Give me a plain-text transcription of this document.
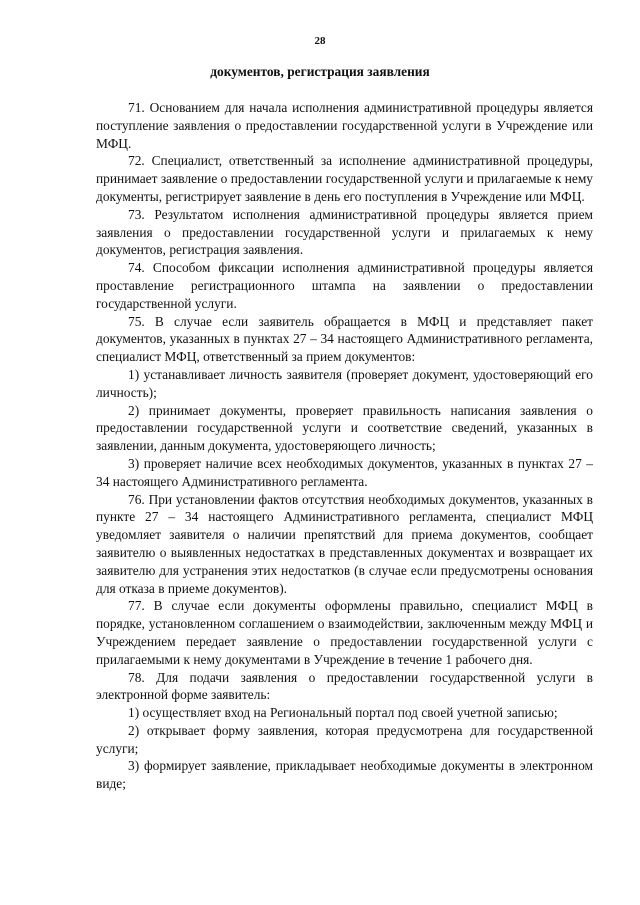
28

документов, регистрация заявления

71. Основанием для начала исполнения административной процедуры является поступление заявления о предоставлении государственной услуги в Учреждение или МФЦ.

72. Специалист, ответственный за исполнение административной процедуры, принимает заявление о предоставлении государственной услуги и прилагаемые к нему документы, регистрирует заявление в день его поступления в Учреждение или МФЦ.

73. Результатом исполнения административной процедуры является прием заявления о предоставлении государственной услуги и прилагаемых к нему документов, регистрация заявления.

74. Способом фиксации исполнения административной процедуры является проставление регистрационного штампа на заявлении о предоставлении государственной услуги.

75. В случае если заявитель обращается в МФЦ и представляет пакет документов, указанных в пунктах 27 – 34 настоящего Административного регламента, специалист МФЦ, ответственный за прием документов:

1) устанавливает личность заявителя (проверяет документ, удостоверяющий его личность);

2) принимает документы, проверяет правильность написания заявления о предоставлении государственной услуги и соответствие сведений, указанных в заявлении, данным документа, удостоверяющего личность;

3) проверяет наличие всех необходимых документов, указанных в пунктах 27 – 34 настоящего Административного регламента.

76. При установлении фактов отсутствия необходимых документов, указанных в пункте 27 – 34 настоящего Административного регламента, специалист МФЦ уведомляет заявителя о наличии препятствий для приема документов, сообщает заявителю о выявленных недостатках в представленных документах и возвращает их заявителю для устранения этих недостатков (в случае если предусмотрены основания для отказа в приеме документов).

77. В случае если документы оформлены правильно, специалист МФЦ в порядке, установленном соглашением о взаимодействии, заключенным между МФЦ и Учреждением передает заявление о предоставлении государственной услуги с прилагаемыми к нему документами в Учреждение в течение 1 рабочего дня.

78. Для подачи заявления о предоставлении государственной услуги в электронной форме заявитель:

1) осуществляет вход на Региональный портал под своей учетной записью;

2) открывает форму заявления, которая предусмотрена для государственной услуги;

3) формирует заявление, прикладывает необходимые документы в электронном виде;
